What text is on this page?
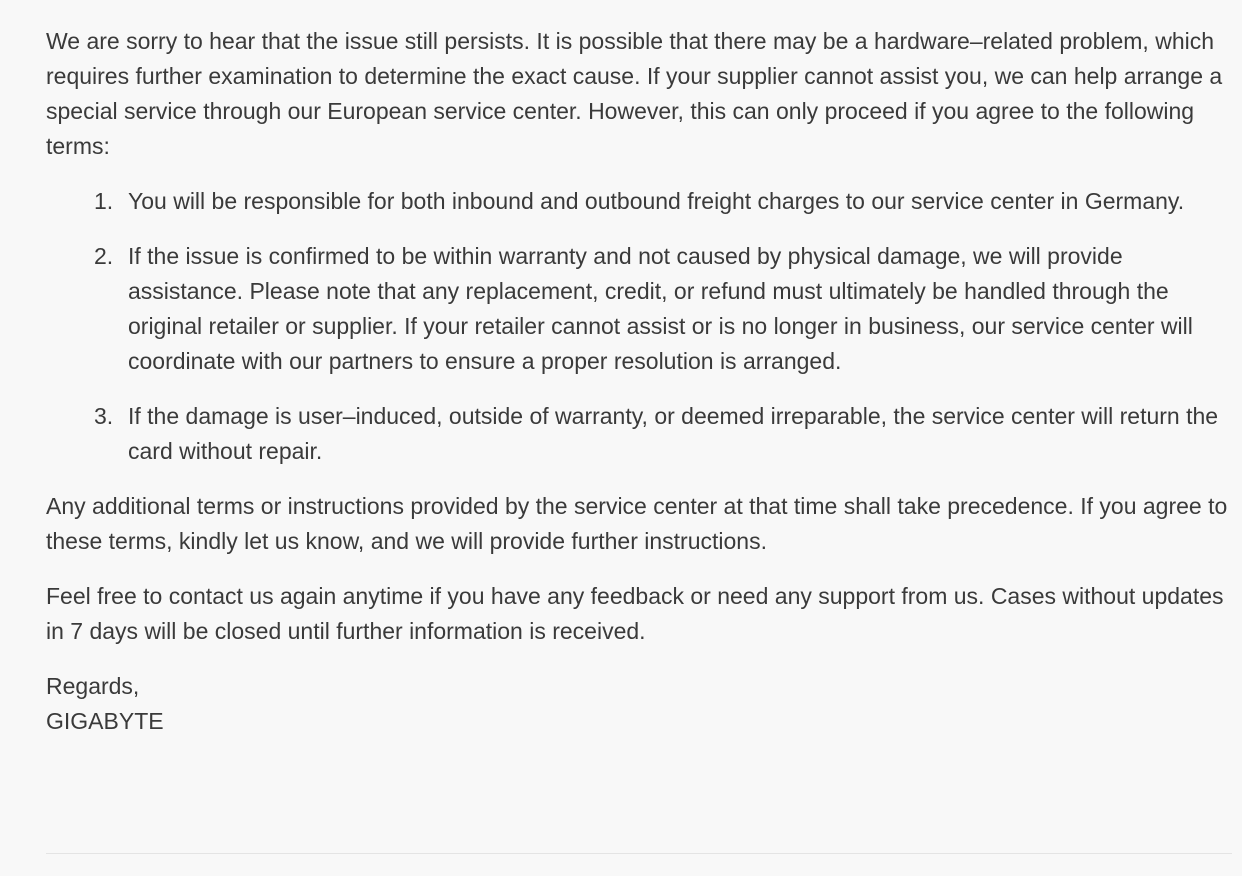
We are sorry to hear that the issue still persists. It is possible that there may be a hardware–related problem, which requires further examination to determine the exact cause. If your supplier cannot assist you, we can help arrange a special service through our European service center. However, this can only proceed if you agree to the following terms:

1. You will be responsible for both inbound and outbound freight charges to our service center in Germany.
2. If the issue is confirmed to be within warranty and not caused by physical damage, we will provide assistance. Please note that any replacement, credit, or refund must ultimately be handled through the original retailer or supplier. If your retailer cannot assist or is no longer in business, our service center will coordinate with our partners to ensure a proper resolution is arranged.
3. If the damage is user–induced, outside of warranty, or deemed irreparable, the service center will return the card without repair.

Any additional terms or instructions provided by the service center at that time shall take precedence. If you agree to these terms, kindly let us know, and we will provide further instructions.

Feel free to contact us again anytime if you have any feedback or need any support from us. Cases without updates in 7 days will be closed until further information is received.

Regards,

GIGABYTE
